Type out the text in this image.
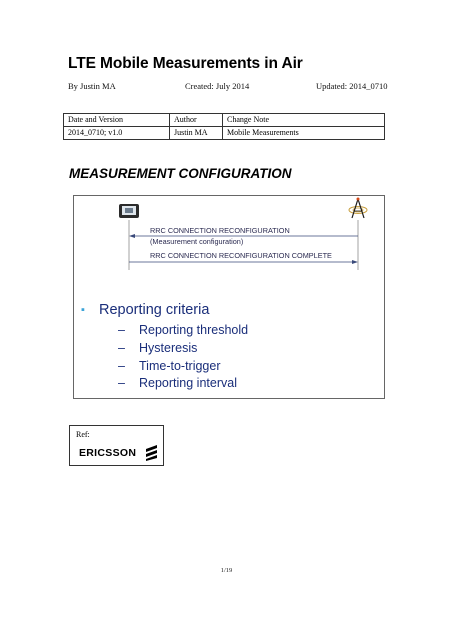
LTE Mobile Measurements in Air
By Justin MA	Created: July 2014	Updated: 2014_0710
Date and Version	Author	Change Note
2014_0710; v1.0	Justin MA	Mobile Measurements
MEASUREMENT CONFIGURATION
RRC CONNECTION RECONFIGURATION
(Measurement configuration)
RRC CONNECTION RECONFIGURATION COMPLETE
▪ Reporting criteria
– Reporting threshold
– Hysteresis
– Time-to-trigger
– Reporting interval
Ref:
ERICSSON
1/19
